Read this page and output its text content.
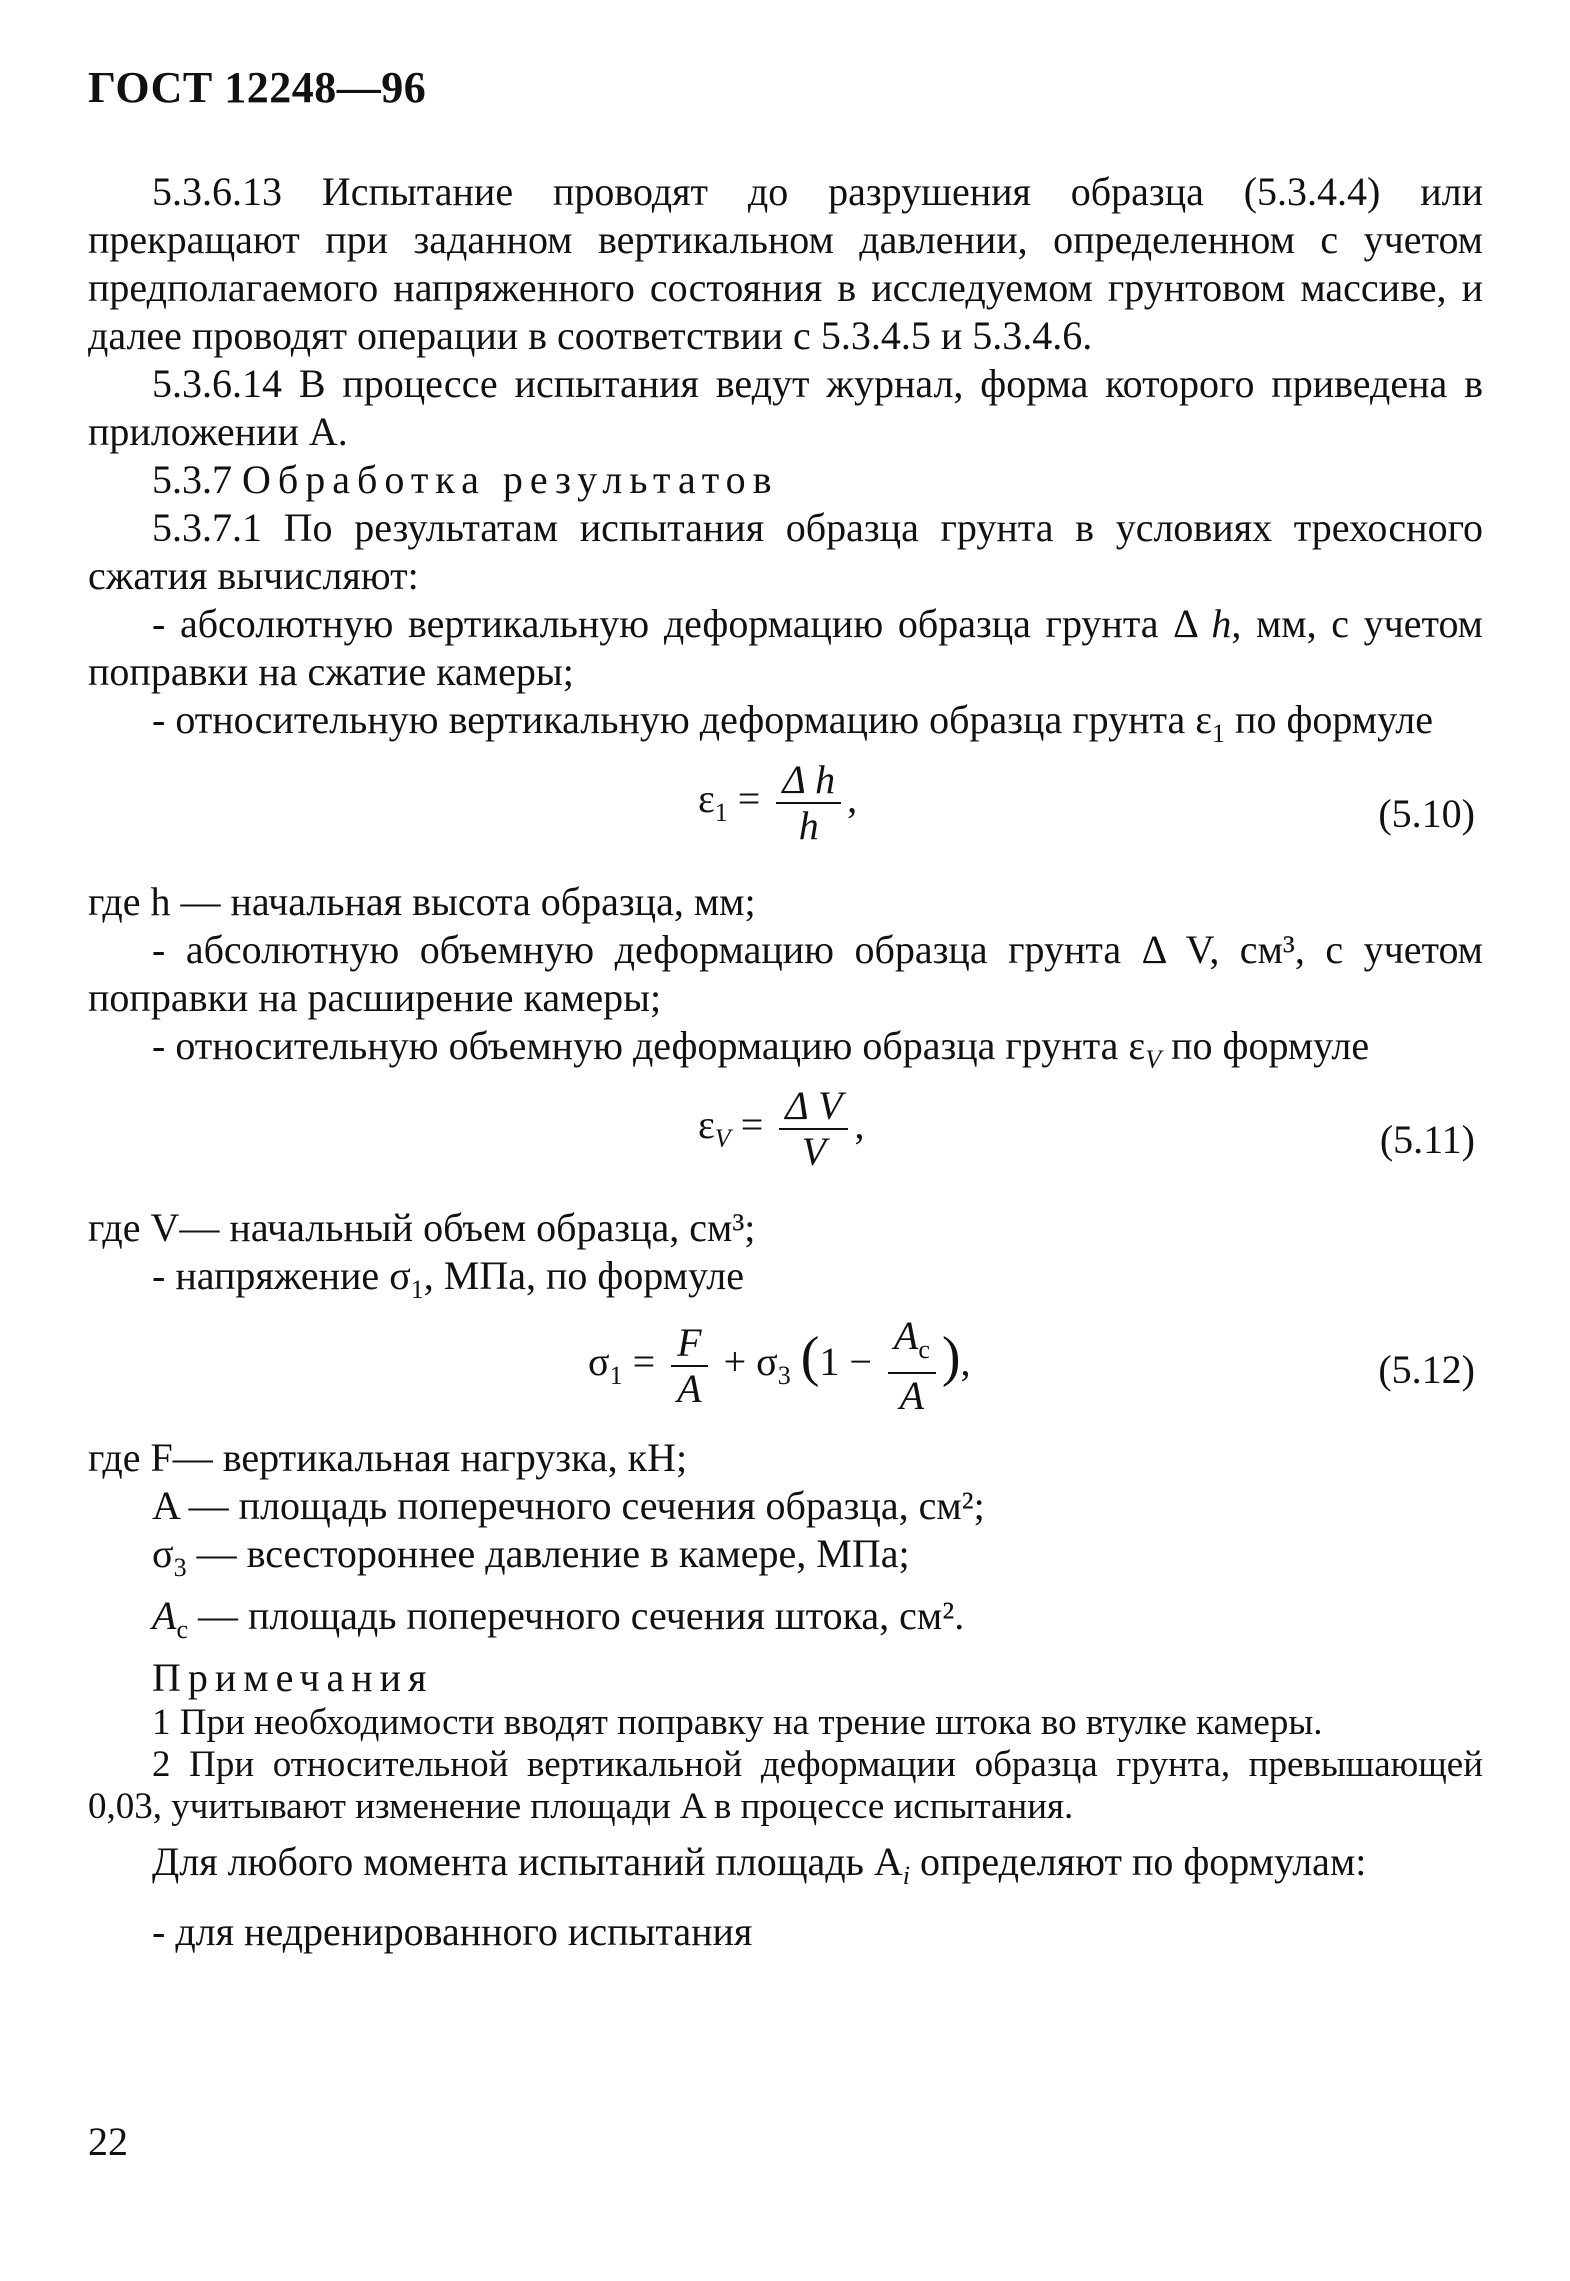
ГОСТ 12248—96

5.3.6.13 Испытание проводят до разрушения образца (5.3.4.4) или прекращают при заданном вертикальном давлении, определенном с учетом предполагаемого напряженного состояния в исследуемом грунтовом массиве, и далее проводят операции в соответствии с 5.3.4.5 и 5.3.4.6.

5.3.6.14 В процессе испытания ведут журнал, форма которого приведена в приложении А.

5.3.7 Обработка результатов

5.3.7.1 По результатам испытания образца грунта в условиях трехосного сжатия вычисляют:

- абсолютную вертикальную деформацию образца грунта Δ h, мм, с учетом поправки на сжатие камеры;

- относительную вертикальную деформацию образца грунта $\varepsilon_1$ по формуле

$\varepsilon_1 = \frac{\text{Δ h}}{h}$ ,	(5.10)

где h — начальная высота образца, мм;

- абсолютную объемную деформацию образца грунта Δ V, см³, с учетом поправки на расширение камеры;

- относительную объемную деформацию образца грунта $\varepsilon_V$ по формуле

$\varepsilon_V = \frac{\text{Δ V}}{V}$ ,	(5.11)

где V— начальный объем образца, см³;

- напряжение $\sigma_1$, МПа, по формуле

$\sigma_1 = \frac{F}{A} + \sigma_3$ ($1 - \frac{A_с}{A}$ ),	(5.12)

где F— вертикальная нагрузка, кН;

A — площадь поперечного сечения образца, см²;

$\sigma_3$ — всестороннее давление в камере, МПа;

$A_с$ — площадь поперечного сечения штока, см².

Примечания

1 При необходимости вводят поправку на трение штока во втулке камеры.

2 При относительной вертикальной деформации образца грунта, превышающей 0,03, учитывают изменение площади A в процессе испытания.

Для любого момента испытаний площадь $A_i$ определяют по формулам:

- для недренированного испытания

22
